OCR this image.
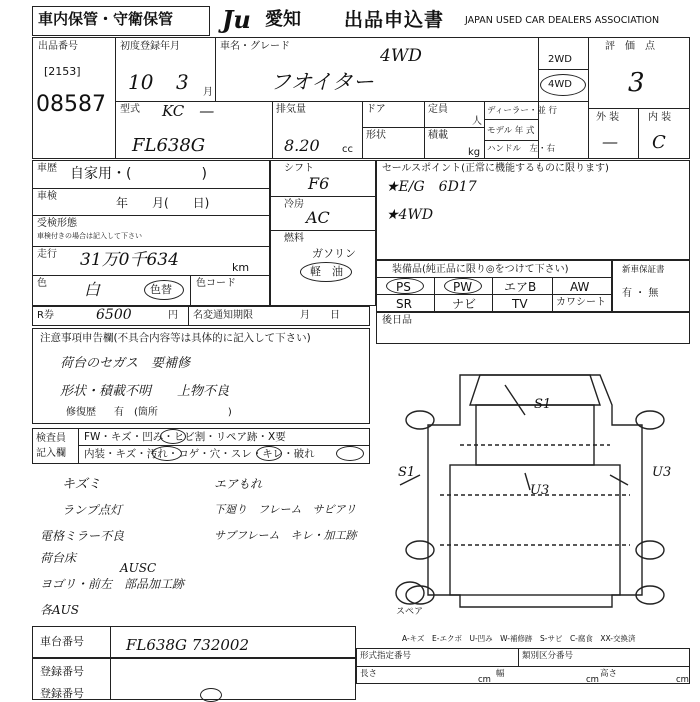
車内保管・守衛保管 Ju 愛知 出品申込書 JAPAN USED CAR DEALERS ASSOCIATION
出品番号
[2153]
08587
初度登録年月
10 3 月
車名・グレード	4WD
フオイター
2WD
4WD
評　価　点
3
外 装	内 装
— C
型式 KC　—
FL638G
排気量
8.20 cc
ドア
形状
定員
人
積載
kg
ディーラー・並 行
モデル 年 式
ハンドル　左・右
車歴 自家用・(　　　　　)
車検	年　　月(　　日)
受検形態
車検付きの場合は記入して下さい
走行 31万0千634	km
色 白	色替 色コード
シフト
F6
冷房
AC
燃料
ガソリン
軽　油
セールスポイント(正常に機能するものに限ります)
★E/G　6D17
★4WD
装備品(純正品に限り◎をつけて下さい)
PS	PW	エアB	AW
SR	ナビ	TV	カワシート
新車保証書
有 ・ 無
R券	6500	円 名変通知期限	月　　日	後日品
注意事項申告欄(不具合内容等は具体的に記入して下さい)
荷台のセガス　要補修
形状・積載不明　　上物不良
修復歴 有　(箇所　　　　　　　)
検査員
記入欄
FW・キズ・凹み・ヒビ割・リペア跡・X要
内装・キズ・汚れ・コゲ・穴・スレ・キレ・破れ
キズミ	エアもれ
ランプ点灯	下廻り　フレーム　サビアリ
電格ミラー不良	サブフレーム　キレ・加工跡
荷台床
AUSC
ヨゴリ・前左　部品加工跡
各AUS
S1
S1	U3
U3
スペア
A-キズ　E-エクボ　U-凹み　W-補修跡　S-サビ　C-腐食　XX-交換済
車台番号	FL638G 732002
登録番号
登録番号
形式指定番号	類別区分番号
長さ
cm
幅
cm
高さ
cm
